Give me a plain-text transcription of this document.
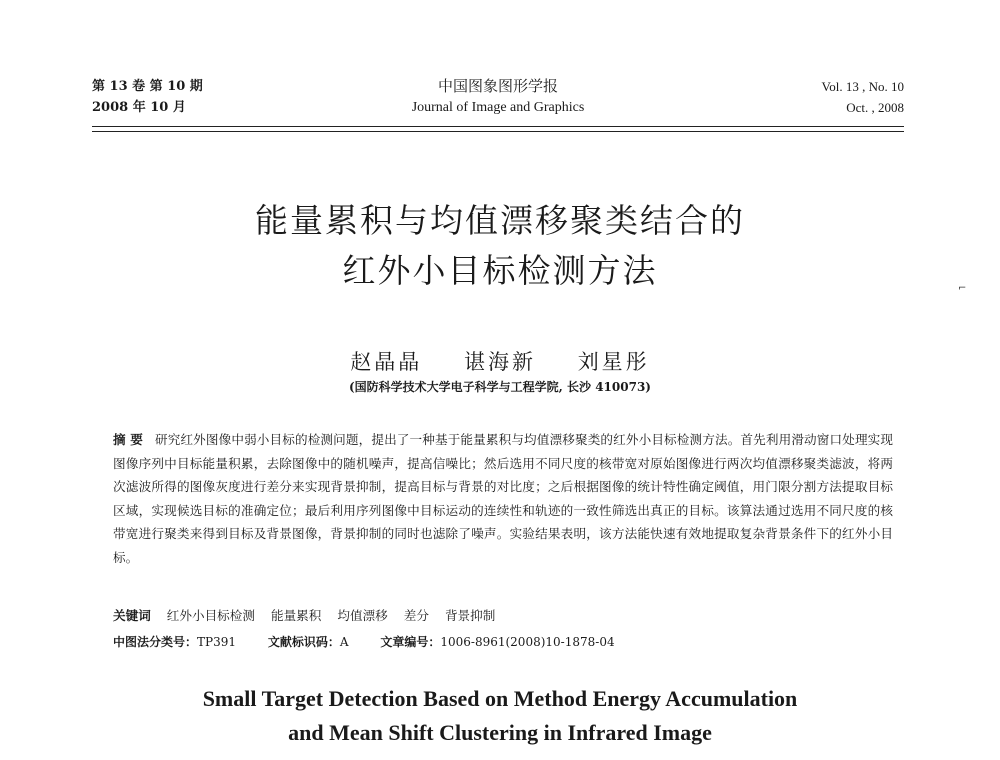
第 13 卷 第 10 期
2008 年 10 月
中国图象图形学报
Journal of Image and Graphics
Vol. 13 , No. 10
Oct. , 2008
能量累积与均值漂移聚类结合的
红外小目标检测方法	⌐
赵晶晶 谌海新 刘星彤
(国防科学技术大学电子科学与工程学院, 长沙 410073)
摘 要 研究红外图像中弱小目标的检测问题，提出了一种基于能量累积与均值漂移聚类的红外小目标检测方法。首先利用滑动窗口处理实现图像序列中目标能量积累，去除图像中的随机噪声，提高信噪比；然后选用不同尺度的核带宽对原始图像进行两次均值漂移聚类滤波，将两次滤波所得的图像灰度进行差分来实现背景抑制，提高目标与背景的对比度；之后根据图像的统计特性确定阈值，用门限分割方法提取目标区域，实现候选目标的准确定位；最后利用序列图像中目标运动的连续性和轨迹的一致性筛选出真正的目标。该算法通过选用不同尺度的核带宽进行聚类来得到目标及背景图像，背景抑制的同时也滤除了噪声。实验结果表明，该方法能快速有效地提取复杂背景条件下的红外小目标。
关键词 红外小目标检测 能量累积 均值漂移 差分 背景抑制
中图法分类号：TP391	文献标识码：A	文章编号：1006-8961(2008)10-1878-04
Small Target Detection Based on Method Energy Accumulation
and Mean Shift Clustering in Infrared Image
